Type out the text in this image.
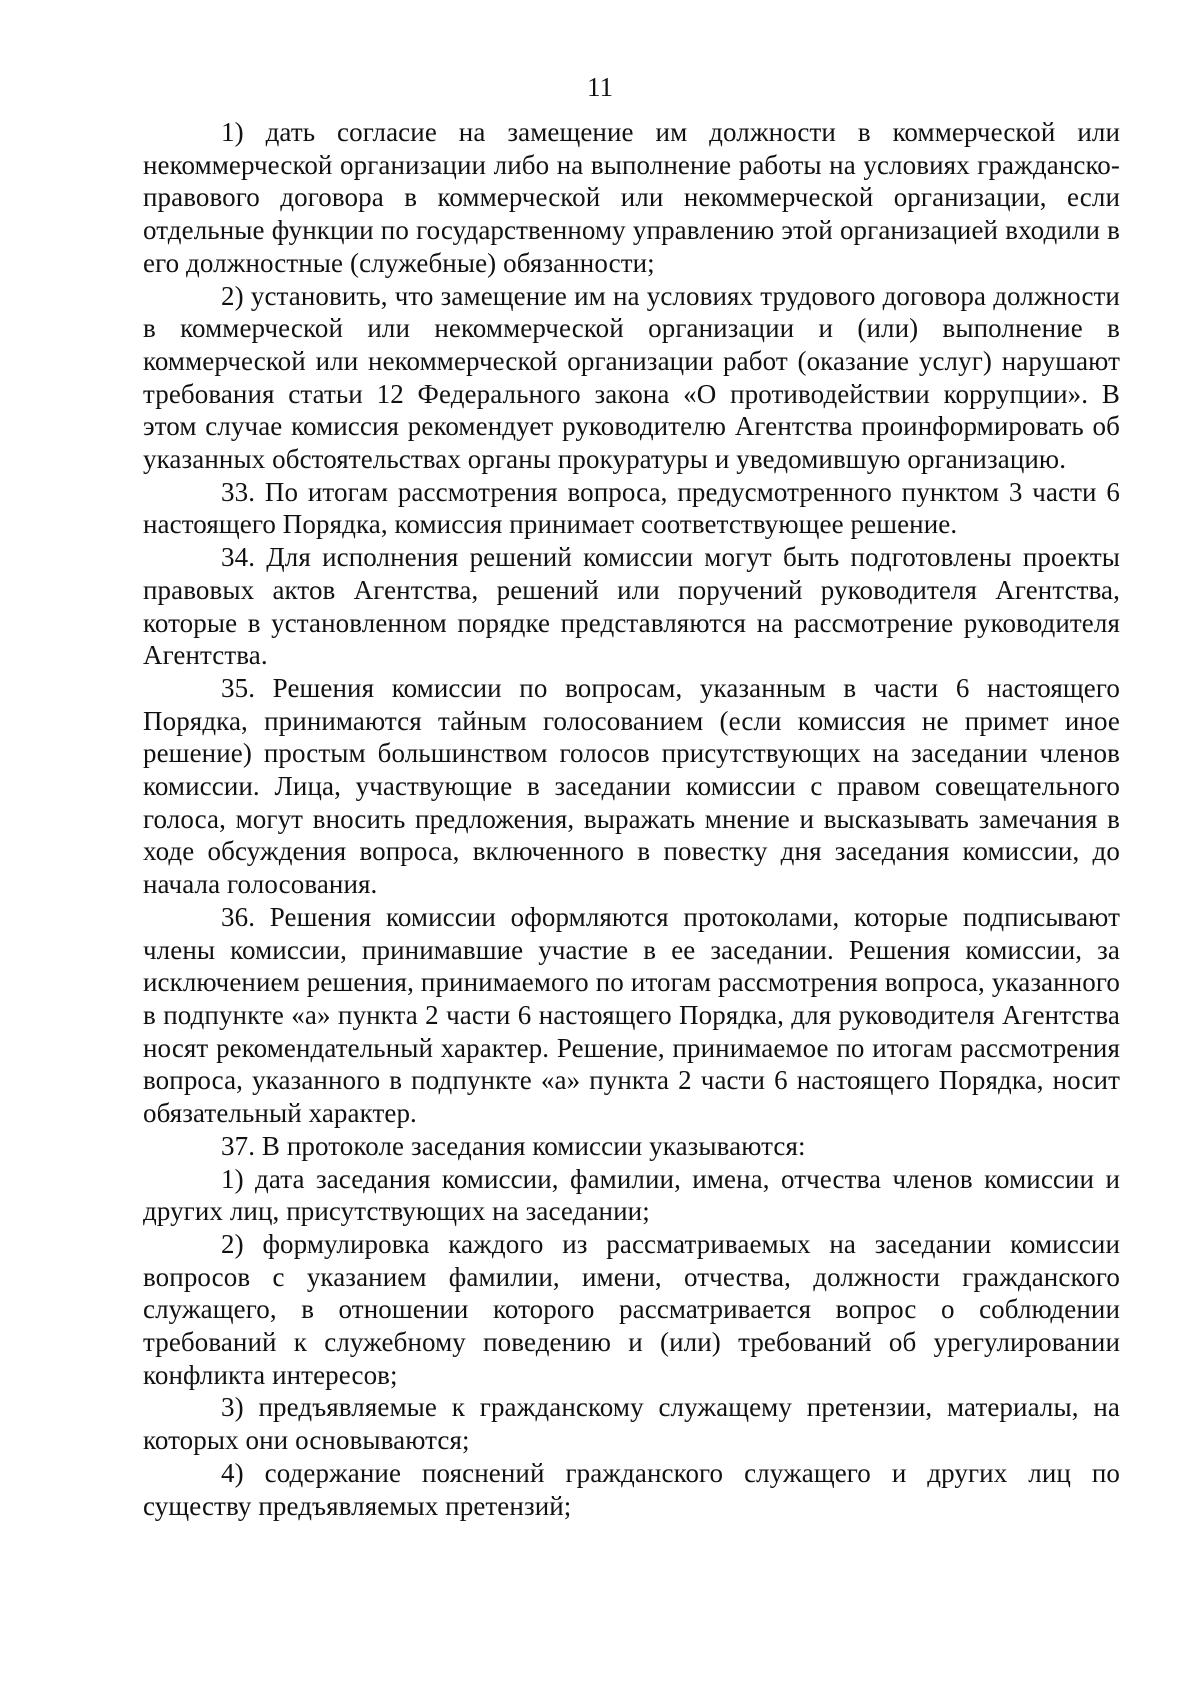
11

1) дать согласие на замещение им должности в коммерческой или некоммерческой организации либо на выполнение работы на условиях гражданско-правового договора в коммерческой или некоммерческой организации, если отдельные функции по государственному управлению этой организацией входили в его должностные (служебные) обязанности;

2) установить, что замещение им на условиях трудового договора должности в коммерческой или некоммерческой организации и (или) выполнение в коммерческой или некоммерческой организации работ (оказание услуг) нарушают требования статьи 12 Федерального закона «О противодействии коррупции». В этом случае комиссия рекомендует руководителю Агентства проинформировать об указанных обстоятельствах органы прокуратуры и уведомившую организацию.

33. По итогам рассмотрения вопроса, предусмотренного пунктом 3 части 6 настоящего Порядка, комиссия принимает соответствующее решение.

34. Для исполнения решений комиссии могут быть подготовлены проекты правовых актов Агентства, решений или поручений руководителя Агентства, которые в установленном порядке представляются на рассмотрение руководителя Агентства.

35. Решения комиссии по вопросам, указанным в части 6 настоящего Порядка, принимаются тайным голосованием (если комиссия не примет иное решение) простым большинством голосов присутствующих на заседании членов комиссии. Лица, участвующие в заседании комиссии с правом совещательного голоса, могут вносить предложения, выражать мнение и высказывать замечания в ходе обсуждения вопроса, включенного в повестку дня заседания комиссии, до начала голосования.

36. Решения комиссии оформляются протоколами, которые подписывают члены комиссии, принимавшие участие в ее заседании. Решения комиссии, за исключением решения, принимаемого по итогам рассмотрения вопроса, указанного в подпункте «а» пункта 2 части 6 настоящего Порядка, для руководителя Агентства носят рекомендательный характер. Решение, принимаемое по итогам рассмотрения вопроса, указанного в подпункте «а» пункта 2 части 6 настоящего Порядка, носит обязательный характер.

37. В протоколе заседания комиссии указываются:

1) дата заседания комиссии, фамилии, имена, отчества членов комиссии и других лиц, присутствующих на заседании;

2) формулировка каждого из рассматриваемых на заседании комиссии вопросов с указанием фамилии, имени, отчества, должности гражданского служащего, в отношении которого рассматривается вопрос о соблюдении требований к служебному поведению и (или) требований об урегулировании конфликта интересов;

3) предъявляемые к гражданскому служащему претензии, материалы, на которых они основываются;

4) содержание пояснений гражданского служащего и других лиц по существу предъявляемых претензий;
